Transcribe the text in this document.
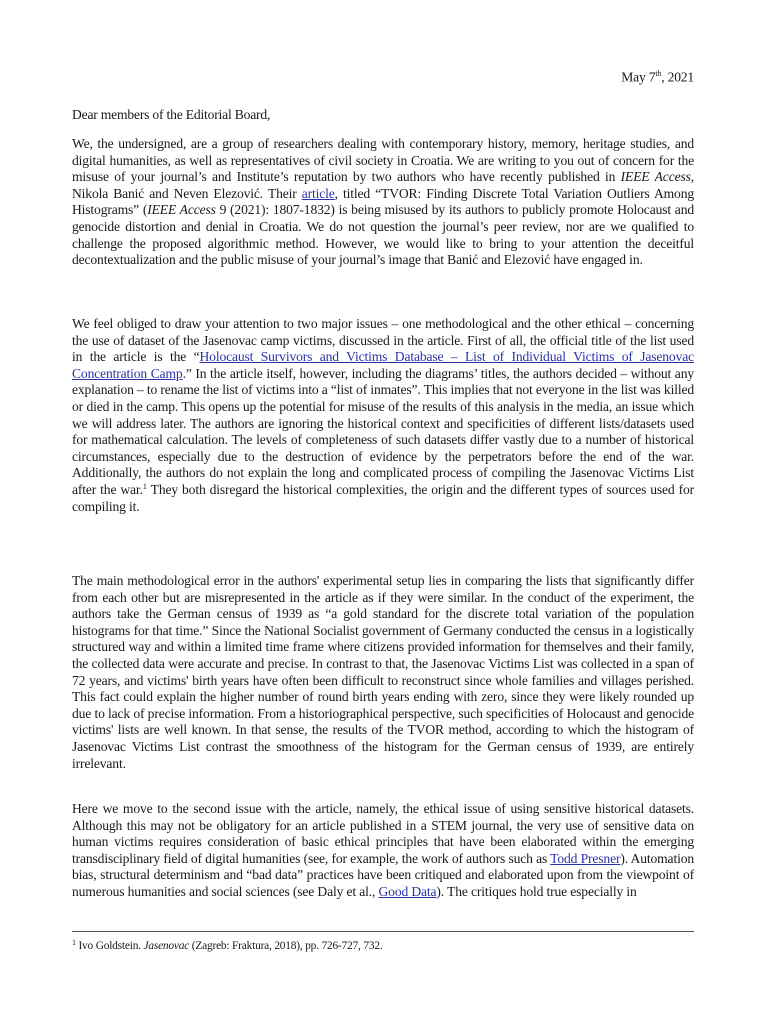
May 7th, 2021
Dear members of the Editorial Board,

We, the undersigned, are a group of researchers dealing with contemporary history, memory, heritage studies, and digital humanities, as well as representatives of civil society in Croatia. We are writing to you out of concern for the misuse of your journal’s and Institute’s reputation by two authors who have recently published in IEEE Access, Nikola Banić and Neven Elezović. Their article, titled “TVOR: Finding Discrete Total Variation Outliers Among Histograms” (IEEE Access 9 (2021): 1807-1832) is being misused by its authors to publicly promote Holocaust and genocide distortion and denial in Croatia. We do not question the journal’s peer review, nor are we qualified to challenge the proposed algorithmic method. However, we would like to bring to your attention the deceitful decontextualization and the public misuse of your journal’s image that Banić and Elezović have engaged in.

We feel obliged to draw your attention to two major issues – one methodological and the other ethical – concerning the use of dataset of the Jasenovac camp victims, discussed in the article. First of all, the official title of the list used in the article is the “Holocaust Survivors and Victims Database – List of Individual Victims of Jasenovac Concentration Camp.” In the article itself, however, including the diagrams’ titles, the authors decided – without any explanation – to rename the list of victims into a “list of inmates”. This implies that not everyone in the list was killed or died in the camp. This opens up the potential for misuse of the results of this analysis in the media, an issue which we will address later. The authors are ignoring the historical context and specificities of different lists/datasets used for mathematical calculation. The levels of completeness of such datasets differ vastly due to a number of historical circumstances, especially due to the destruction of evidence by the perpetrators before the end of the war. Additionally, the authors do not explain the long and complicated process of compiling the Jasenovac Victims List after the war.$^1$ They both disregard the historical complexities, the origin and the different types of sources used for compiling it.

The main methodological error in the authors' experimental setup lies in comparing the lists that significantly differ from each other but are misrepresented in the article as if they were similar. In the conduct of the experiment, the authors take the German census of 1939 as “a gold standard for the discrete total variation of the population histograms for that time.” Since the National Socialist government of Germany conducted the census in a logistically structured way and within a limited time frame where citizens provided information for themselves and their family, the collected data were accurate and precise. In contrast to that, the Jasenovac Victims List was collected in a span of 72 years, and victims' birth years have often been difficult to reconstruct since whole families and villages perished. This fact could explain the higher number of round birth years ending with zero, since they were likely rounded up due to lack of precise information. From a historiographical perspective, such specificities of Holocaust and genocide victims' lists are well known. In that sense, the results of the TVOR method, according to which the histogram of Jasenovac Victims List contrast the smoothness of the histogram for the German census of 1939, are entirely irrelevant.

Here we move to the second issue with the article, namely, the ethical issue of using sensitive historical datasets. Although this may not be obligatory for an article published in a STEM journal, the very use of sensitive data on human victims requires consideration of basic ethical principles that have been elaborated within the emerging transdisciplinary field of digital humanities (see, for example, the work of authors such as Todd Presner). Automation bias, structural determinism and “bad data” practices have been critiqued and elaborated upon from the viewpoint of numerous humanities and social sciences (see Daly et al., Good Data). The critiques hold true especially in

$^1$ Ivo Goldstein. Jasenovac (Zagreb: Fraktura, 2018), pp. 726-727, 732.
